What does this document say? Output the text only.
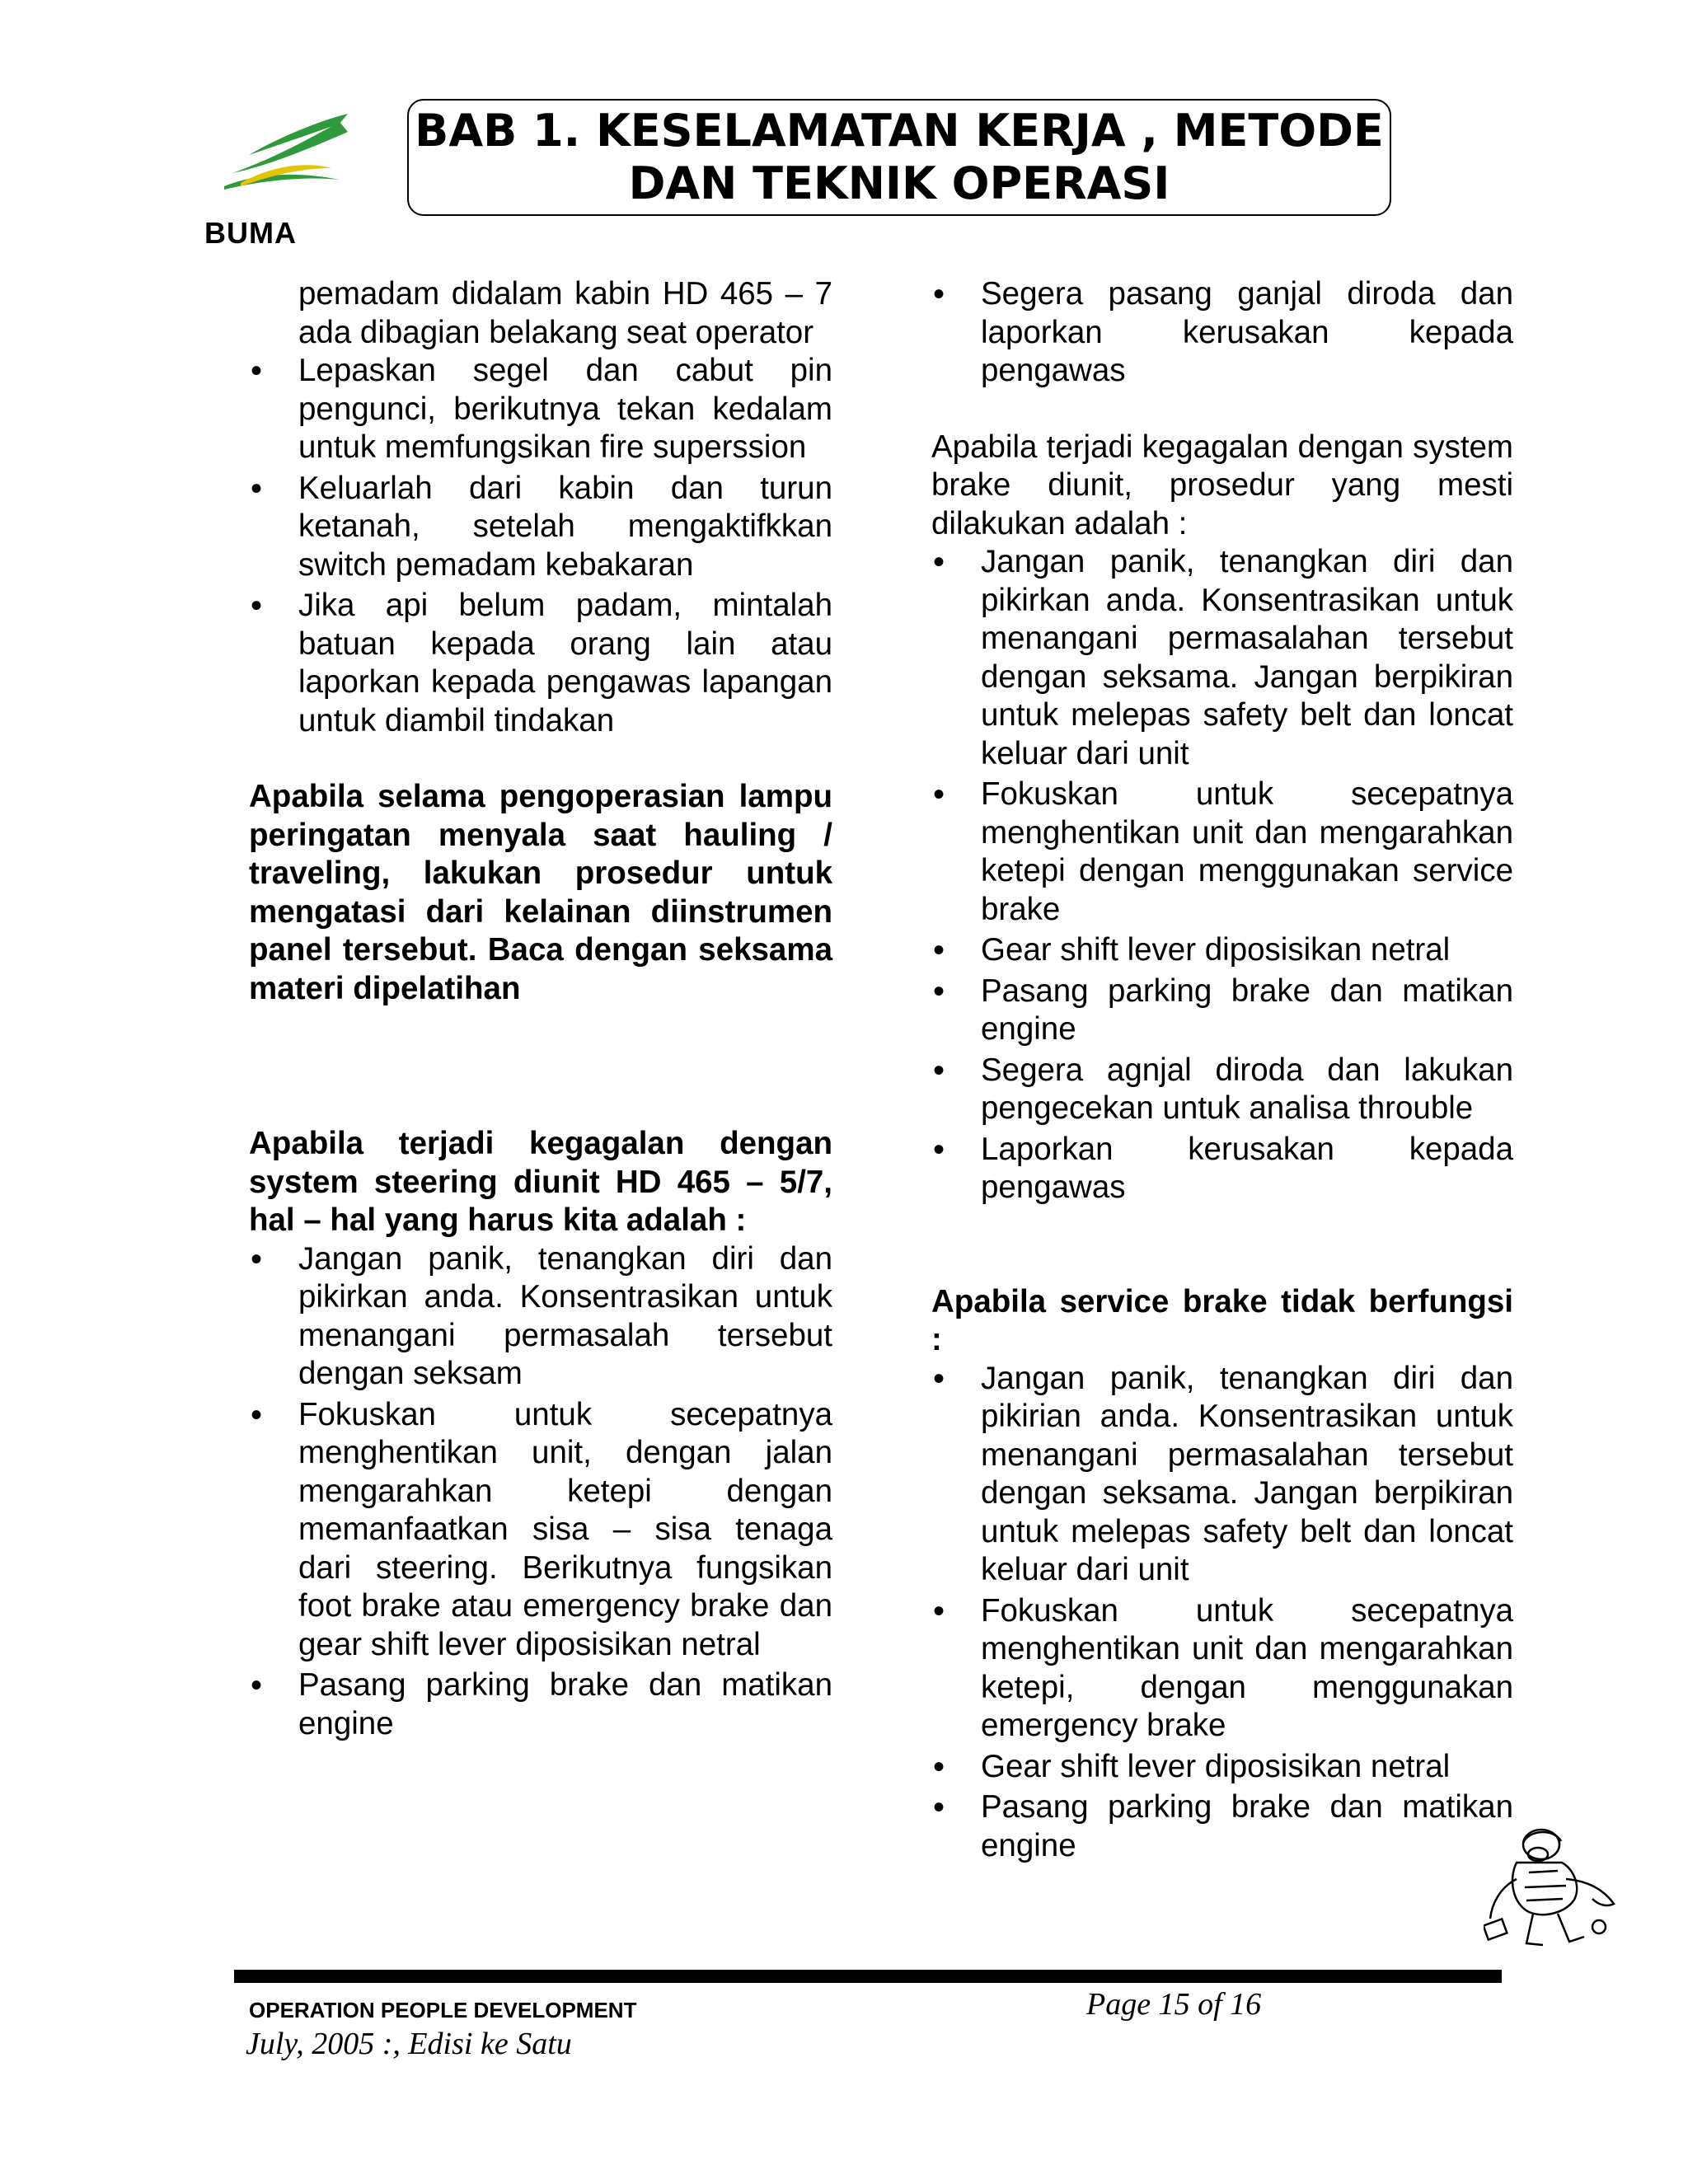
BUMA
BAB 1. KESELAMATAN KERJA , METODE
DAN TEKNIK OPERASI
pemadam didalam kabin HD 465 – 7 ada dibagian belakang seat operator
• Lepaskan segel dan cabut pin pengunci, berikutnya tekan kedalam untuk memfungsikan fire superssion
• Keluarlah dari kabin dan turun ketanah, setelah mengaktifkkan switch pemadam kebakaran
• Jika api belum padam, mintalah batuan kepada orang lain atau laporkan kepada pengawas lapangan untuk diambil tindakan

Apabila selama pengoperasian lampu peringatan menyala saat hauling / traveling, lakukan prosedur untuk mengatasi dari kelainan diinstrumen panel tersebut. Baca dengan seksama materi dipelatihan

Apabila terjadi kegagalan dengan system steering diunit HD 465 – 5/7, hal – hal yang harus kita adalah :

• Jangan panik, tenangkan diri dan pikirkan anda. Konsentrasikan untuk menangani permasalah tersebut dengan seksam
• Fokuskan untuk secepatnya menghentikan unit, dengan jalan mengarahkan ketepi dengan memanfaatkan sisa – sisa tenaga dari steering. Berikutnya fungsikan foot brake atau emergency brake dan gear shift lever diposisikan netral
• Pasang parking brake dan matikan engine
• Segera pasang ganjal diroda dan laporkan kerusakan kepada pengawas

Apabila terjadi kegagalan dengan system brake diunit, prosedur yang mesti dilakukan adalah :

• Jangan panik, tenangkan diri dan pikirkan anda. Konsentrasikan untuk menangani permasalahan tersebut dengan seksama. Jangan berpikiran untuk melepas safety belt dan loncat keluar dari unit
• Fokuskan untuk secepatnya menghentikan unit dan mengarahkan ketepi dengan menggunakan service brake
• Gear shift lever diposisikan netral
• Pasang parking brake dan matikan engine
• Segera agnjal diroda dan lakukan pengecekan untuk analisa throuble
• Laporkan kerusakan kepada pengawas

Apabila service brake tidak berfungsi :

• Jangan panik, tenangkan diri dan pikirian anda. Konsentrasikan untuk menangani permasalahan tersebut dengan seksama. Jangan berpikiran untuk melepas safety belt dan loncat keluar dari unit
• Fokuskan untuk secepatnya menghentikan unit dan mengarahkan ketepi, dengan menggunakan emergency brake
• Gear shift lever diposisikan netral
• Pasang parking brake dan matikan engine
OPERATION PEOPLE DEVELOPMENT	Page 15 of 16
July, 2005 :, Edisi ke Satu
